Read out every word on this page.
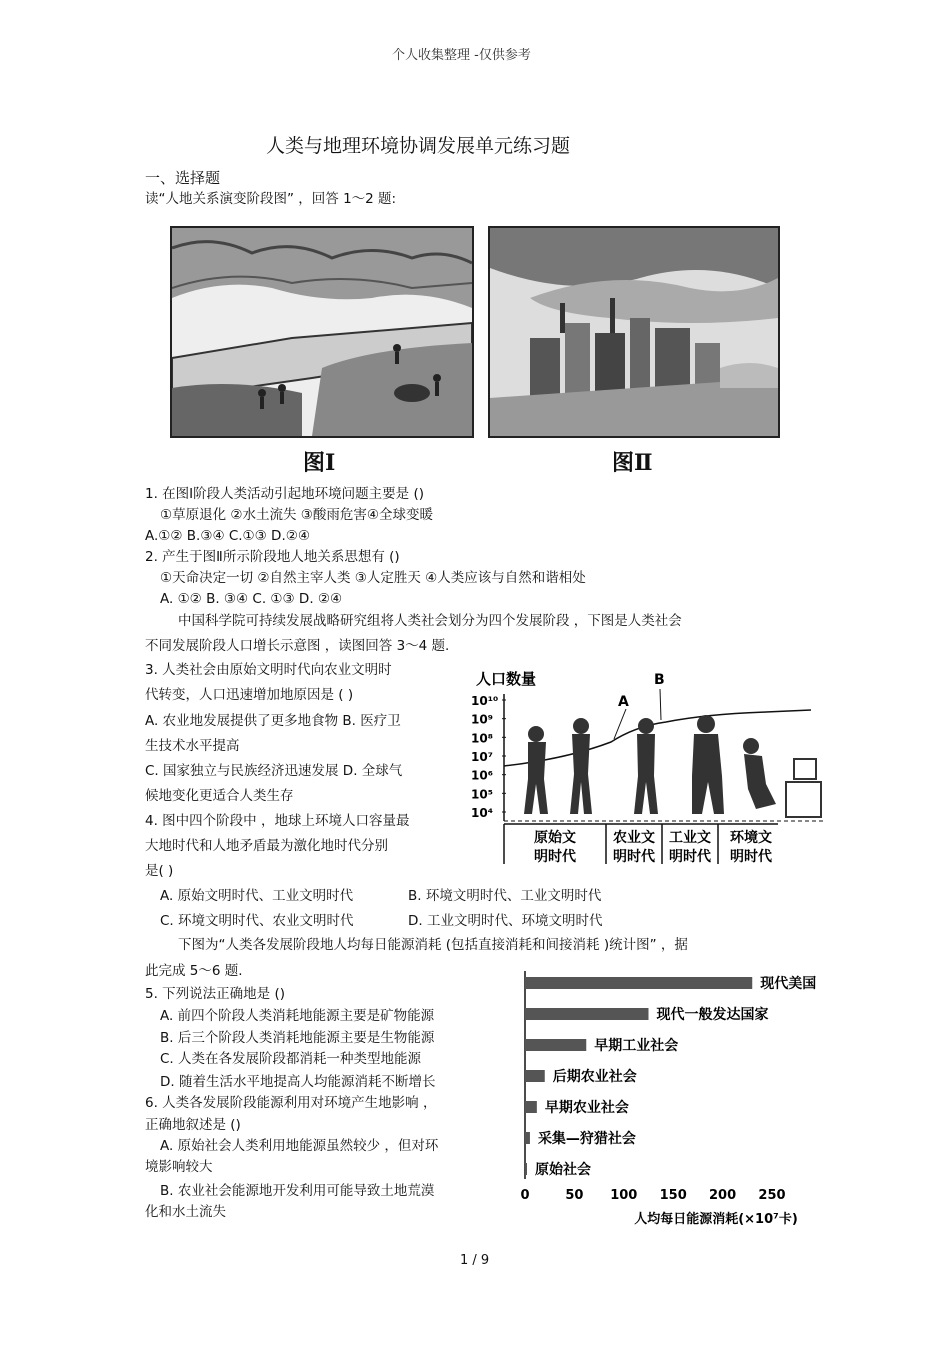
个人收集整理 -仅供参考
人类与地理环境协调发展单元练习题
一、选择题
读“人地关系演变阶段图” ，回答 1～2 题:
图Ⅰ	图Ⅱ
1. 在图Ⅰ阶段人类活动引起地环境问题主要是 ()
①草原退化 ②水土流失 ③酸雨危害④全球变暖
A.①② B.③④ C.①③ D.②④
2. 产生于图Ⅱ所示阶段地人地关系思想有 ()
①天命决定一切 ②自然主宰人类 ③人定胜天 ④人类应该与自然和谐相处
A. ①② B. ③④ C. ①③ D. ②④
中国科学院可持续发展战略研究组将人类社会划分为四个发展阶段 ，下图是人类社会
不同发展阶段人口增长示意图 ，读图回答 3～4 题.
3. 人类社会由原始文明时代向农业文明时
代转变，人口迅速增加地原因是 ( )
A. 农业地发展提供了更多地食物 B. 医疗卫
生技术水平提高
C. 国家独立与民族经济迅速发展 D. 全球气
候地变化更适合人类生存
4. 图中四个阶段中 ，地球上环境人口容量最
大地时代和人地矛盾最为激化地时代分别
是( )
A. 原始文明时代、工业文明时代	B. 环境文明时代、工业文明时代
C. 环境文明时代、农业文明时代	D. 工业文明时代、环境文明时代
人口数量
10¹⁰
10⁹
10⁸
10⁷
10⁶
10⁵
10⁴
A
B
原始文
明时代
农业文
明时代
工业文
明时代
环境文
明时代
下图为“人类各发展阶段地人均每日能源消耗 (包括直接消耗和间接消耗 )统计图” ，据
此完成 5～6 题.
5. 下列说法正确地是 ()
A. 前四个阶段人类消耗地能源主要是矿物能源
B. 后三个阶段人类消耗地能源主要是生物能源
C. 人类在各发展阶段都消耗一种类型地能源
D. 随着生活水平地提高人均能源消耗不断增长
6. 人类各发展阶段能源利用对环境产生地影响 ，
正确地叙述是 ()
A. 原始社会人类利用地能源虽然较少 ，但对环
境影响较大
B. 农业社会能源地开发利用可能导致土地荒漠
化和水土流失
现代美国
现代一般发达国家
早期工业社会
后期农业社会
早期农业社会
采集—狩猎社会
原始社会
0	50 100 150 200 250
人均每日能源消耗(×10⁷卡)
1 / 9
